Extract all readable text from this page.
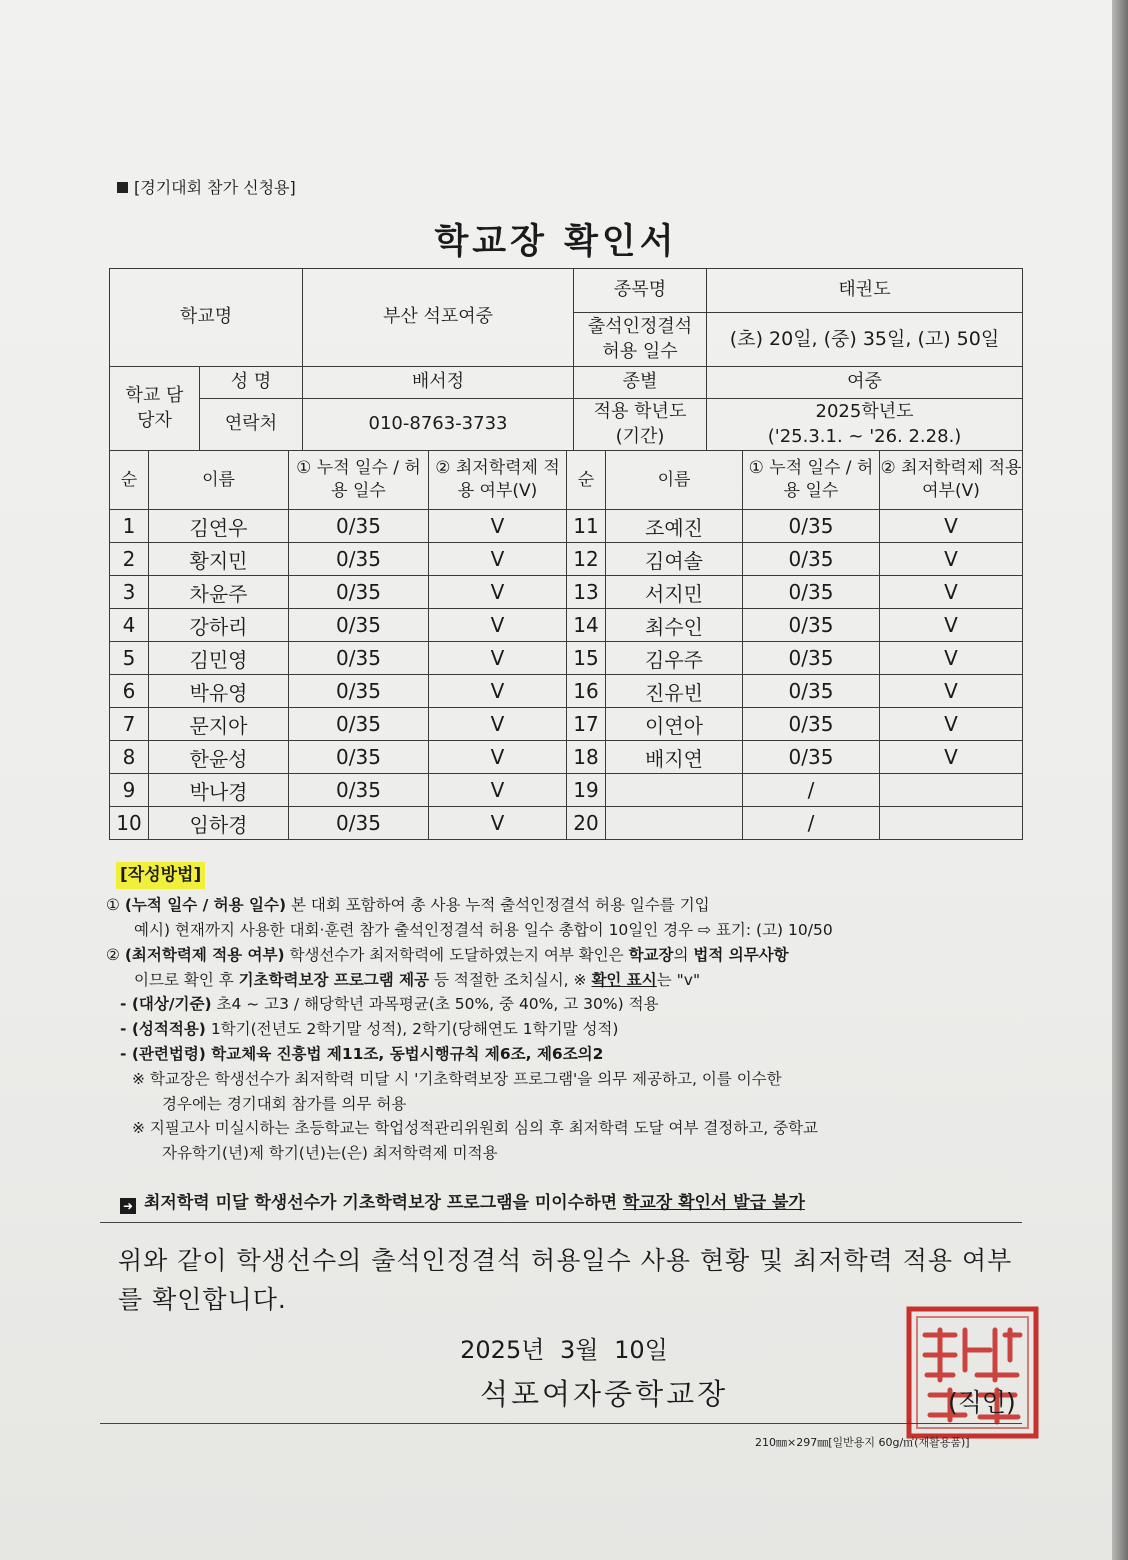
[경기대회 참가 신청용]
학교장 확인서
학교명		부산 석포여중	종목명	태권도
			출석인정결석 허용 일수	(초) 20일, (중) 35일, (고) 50일
학교 담당자	성 명	배서정	종별	여중
	연락처	010-8763-3733	적용 학년도 (기간)	2025학년도
('25.3.1. ~ '26. 2.28.)
순	이름	① 누적 일수 / 허용 일수	② 최저학력제 적용 여부(V)	순	이름	① 누적 일수 / 허용 일수	② 최저학력제 적용 여부(V)
1	김연우	0/35	V	11	조예진	0/35	V
2	황지민	0/35	V	12	김여솔	0/35	V
3	차윤주	0/35	V	13	서지민	0/35	V
4	강하리	0/35	V	14	최수인	0/35	V
5	김민영	0/35	V	15	김우주	0/35	V
6	박유영	0/35	V	16	진유빈	0/35	V
7	문지아	0/35	V	17	이연아	0/35	V
8	한윤성	0/35	V	18	배지연	0/35	V
9	박나경	0/35	V	19		/	
10	임하경	0/35	V	20		/	
[작성방법]
① (누적 일수 / 허용 일수) 본 대회 포함하여 총 사용 누적 출석인정결석 허용 일수를 기입
예시) 현재까지 사용한 대회·훈련 참가 출석인정결석 허용 일수 총합이 10일인 경우 ⇨ 표기: (고) 10/50
② (최저학력제 적용 여부) 학생선수가 최저학력에 도달하였는지 여부 확인은 학교장의 법적 의무사항
이므로 확인 후 기초학력보장 프로그램 제공 등 적절한 조치실시, ※ 확인 표시는 "v"
- (대상/기준) 초4 ~ 고3 / 해당학년 과목평균(초 50%, 중 40%, 고 30%) 적용
- (성적적용) 1학기(전년도 2학기말 성적), 2학기(당해연도 1학기말 성적)
- (관련법령) 학교체육 진흥법 제11조, 동법시행규칙 제6조, 제6조의2
※ 학교장은 학생선수가 최저학력 미달 시 '기초학력보장 프로그램'을 의무 제공하고, 이를 이수한
경우에는 경기대회 참가를 의무 허용
※ 지필고사 미실시하는 초등학교는 학업성적관리위원회 심의 후 최저학력 도달 여부 결정하고, 중학교
자유학기(년)제 학기(년)는(은) 최저학력제 미적용
➜ 최저학력 미달 학생선수가 기초학력보장 프로그램을 미이수하면 학교장 확인서 발급 불가
위와 같이 학생선수의 출석인정결석 허용일수 사용 현황 및 최저학력 적용 여부를 확인합니다.
2025년 3월 10일
석포여자중학교장	(직인)
210㎜×297㎜[일반용지 60g/㎡(재활용품)]
